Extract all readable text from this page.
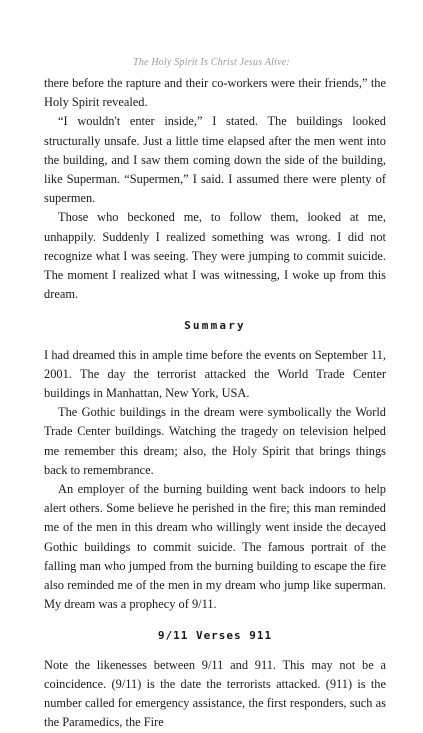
The Holy Spirit Is Christ Jesus Alive:

there before the rapture and their co-workers were their friends,” the Holy Spirit revealed.

“I wouldn't enter inside,” I stated. The buildings looked structurally unsafe. Just a little time elapsed after the men went into the building, and I saw them coming down the side of the building, like Superman. “Supermen,” I said. I assumed there were plenty of supermen.

Those who beckoned me, to follow them, looked at me, unhappily. Suddenly I realized something was wrong. I did not recognize what I was seeing. They were jumping to commit suicide. The moment I realized what I was witnessing, I woke up from this dream.

Summary

I had dreamed this in ample time before the events on September 11, 2001. The day the terrorist attacked the World Trade Center buildings in Manhattan, New York, USA.

The Gothic buildings in the dream were symbolically the World Trade Center buildings. Watching the tragedy on television helped me remember this dream; also, the Holy Spirit that brings things back to remembrance.

An employer of the burning building went back indoors to help alert others. Some believe he perished in the fire; this man reminded me of the men in this dream who willingly went inside the decayed Gothic buildings to commit suicide. The famous portrait of the falling man who jumped from the burning building to escape the fire also reminded me of the men in my dream who jump like superman. My dream was a prophecy of 9/11.

9/11 Verses 911

Note the likenesses between 9/11 and 911. This may not be a coincidence. (9/11) is the date the terrorists attacked. (911) is the number called for emergency assistance, the first responders, such as the Paramedics, the Fire
